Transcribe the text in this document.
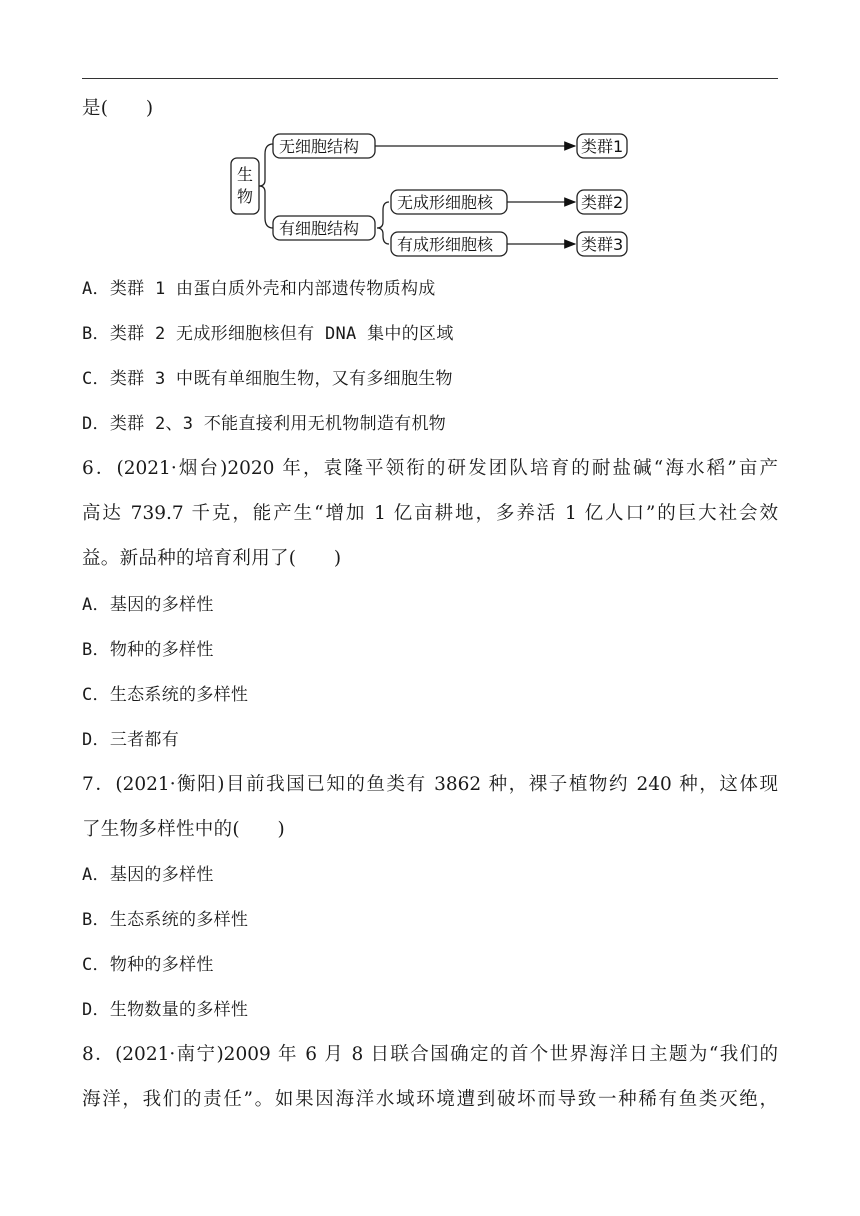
是(　　)
生
物
无细胞结构
有细胞结构
无成形细胞核
有成形细胞核
类群1
类群2
类群3
A．类群 1 由蛋白质外壳和内部遗传物质构成
B．类群 2 无成形细胞核但有 DNA 集中的区域
C．类群 3 中既有单细胞生物，又有多细胞生物
D．类群 2、3 不能直接利用无机物制造有机物
6．(2021·烟台)2020 年，袁隆平领衔的研发团队培育的耐盐碱“海水稻”亩产
高达 739.7 千克，能产生“增加 1 亿亩耕地，多养活 1 亿人口”的巨大社会效
益。新品种的培育利用了(　　)
A．基因的多样性
B．物种的多样性
C．生态系统的多样性
D．三者都有
7．(2021·衡阳)目前我国已知的鱼类有 3862 种，裸子植物约 240 种，这体现
了生物多样性中的(　　)
A．基因的多样性
B．生态系统的多样性
C．物种的多样性
D．生物数量的多样性
8．(2021·南宁)2009 年 6 月 8 日联合国确定的首个世界海洋日主题为“我们的
海洋，我们的责任”。如果因海洋水域环境遭到破坏而导致一种稀有鱼类灭绝，
